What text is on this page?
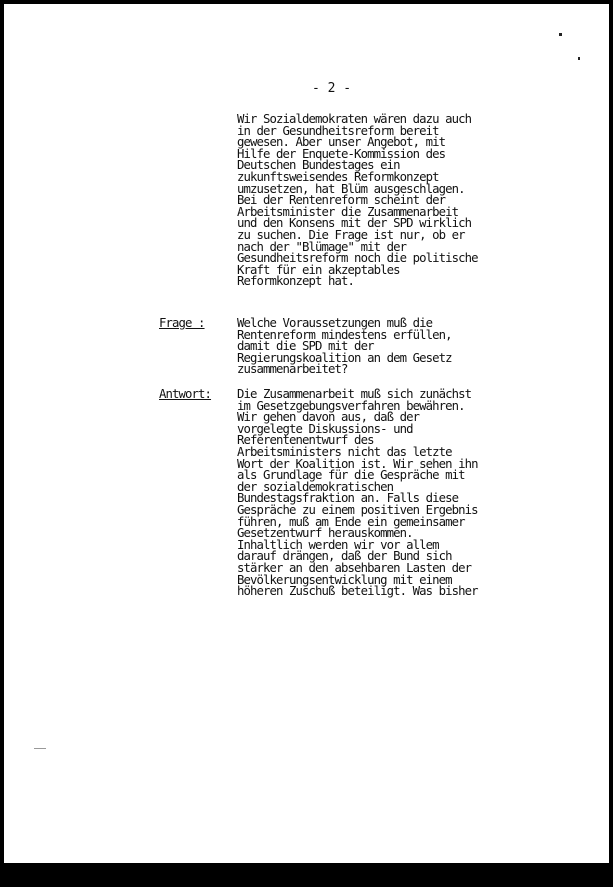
- 2 -

Wir Sozialdemokraten wären dazu auch
in der Gesundheitsreform bereit
gewesen. Aber unser Angebot, mit
Hilfe der Enquete-Kommission des
Deutschen Bundestages ein
zukunftsweisendes Reformkonzept
umzusetzen, hat Blüm ausgeschlagen.
Bei der Rentenreform scheint der
Arbeitsminister die Zusammenarbeit
und den Konsens mit der SPD wirklich
zu suchen. Die Frage ist nur, ob er
nach der "Blümage" mit der
Gesundheitsreform noch die politische
Kraft für ein akzeptables
Reformkonzept hat.

Frage :	Welche Voraussetzungen muß die
Rentenreform mindestens erfüllen,
damit die SPD mit der
Regierungskoalition an dem Gesetz
zusammenarbeitet?

Antwort: Die Zusammenarbeit muß sich zunächst
im Gesetzgebungsverfahren bewähren.
Wir gehen davon aus, daß der
vorgelegte Diskussions- und
Referentenentwurf des
Arbeitsministers nicht das letzte
Wort der Koalition ist. Wir sehen ihn
als Grundlage für die Gespräche mit
der sozialdemokratischen
Bundestagsfraktion an. Falls diese
Gespräche zu einem positiven Ergebnis
führen, muß am Ende ein gemeinsamer
Gesetzentwurf herauskommen.
Inhaltlich werden wir vor allem
darauf drängen, daß der Bund sich
stärker an den absehbaren Lasten der
Bevölkerungsentwicklung mit einem
höheren Zuschuß beteiligt. Was bisher
